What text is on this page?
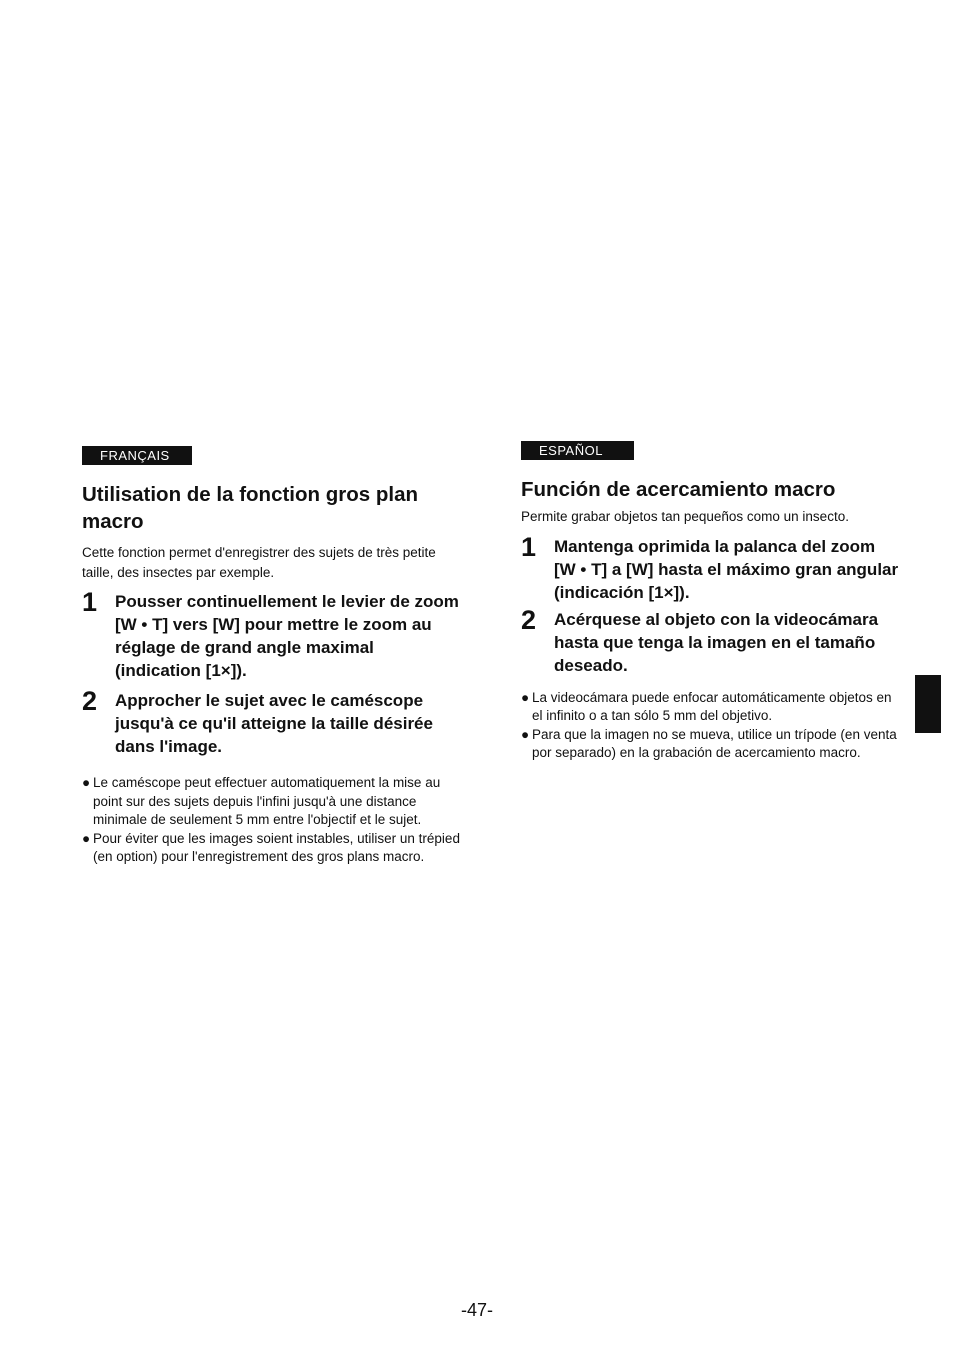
FRANÇAIS
Utilisation de la fonction gros plan macro

Cette fonction permet d'enregistrer des sujets de très petite taille, des insectes par exemple.

1 Pousser continuellement le levier de zoom [W • T] vers [W] pour mettre le zoom au réglage de grand angle maximal (indication [1×]).
2 Approcher le sujet avec le caméscope jusqu'à ce qu'il atteigne la taille désirée dans l'image.
● Le caméscope peut effectuer automatiquement la mise au point sur des sujets depuis l'infini jusqu'à une distance minimale de seulement 5 mm entre l'objectif et le sujet.
● Pour éviter que les images soient instables, utiliser un trépied (en option) pour l'enregistrement des gros plans macro.
ESPAÑOL
Función de acercamiento macro

Permite grabar objetos tan pequeños como un insecto.

1 Mantenga oprimida la palanca del zoom [W • T] a [W] hasta el máximo gran angular (indicación [1×]).
2 Acérquese al objeto con la videocámara hasta que tenga la imagen en el tamaño deseado.
● La videocámara puede enfocar automáticamente objetos en el infinito o a tan sólo 5 mm del objetivo.
● Para que la imagen no se mueva, utilice un trípode (en venta por separado) en la grabación de acercamiento macro.
-47-
